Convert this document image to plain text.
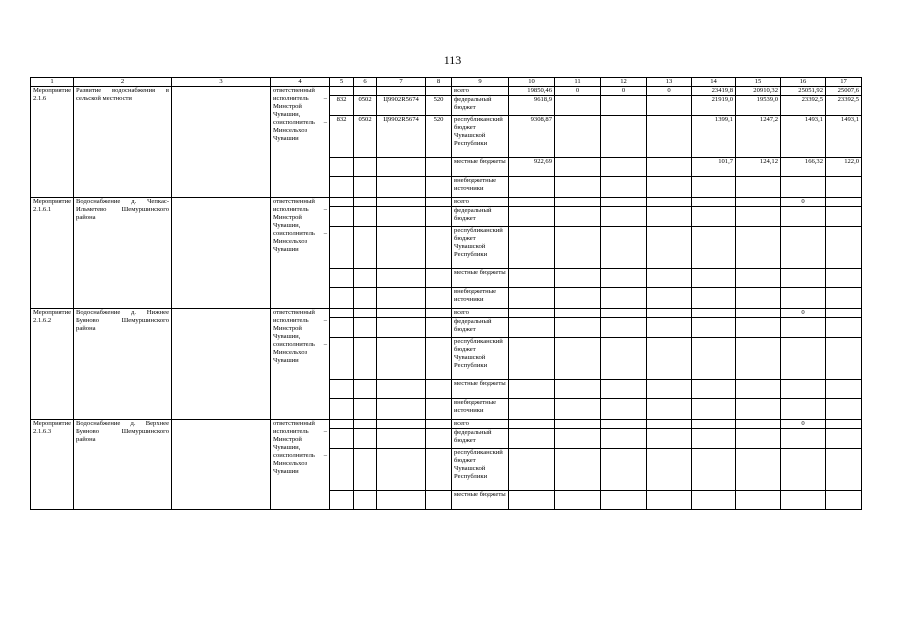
113
1	2	3	4	5	6	7	8	9	10	11	12	13	14	15	16	17
Мероприятие 2.1.6	Развитие водоснабжения в сельской местности		ответственный исполнитель – Минстрой Чувашии, соисполнитель – Минсельхоз Чувашии					всего	19850,46	0	0	0	23419,8	20910,32	25051,92	25007,6
				832	0502	Ц9902R5674	520	федеральный бюджет	9618,9				21919,0	19539,0	23392,5	23392,5
				832	0502	Ц9902R5674	520	республиканский бюджет Чувашской Республики	9308,87				1399,1	1247,2	1493,1	1493,1
								местные бюджеты	922,69				101,7	124,12	166,32	122,0
								внебюджетные источники								
Мероприятие 2.1.6.1	Водоснабжение д. Чепкас-Ильметево Шемуршинского района		ответственный исполнитель – Минстрой Чувашии, соисполнитель – Минсельхоз Чувашии					всего							0	
								федеральный бюджет								
								республиканский бюджет Чувашской Республики								
								местные бюджеты								
								внебюджетные источники								
Мероприятие 2.1.6.2	Водоснабжение д. Нижнее Буяново Шемуршинского района		ответственный исполнитель – Минстрой Чувашии, соисполнитель – Минсельхоз Чувашии					всего							0	
								федеральный бюджет								
								республиканский бюджет Чувашской Республики								
								местные бюджеты								
								внебюджетные источники								
Мероприятие 2.1.6.3	Водоснабжение д. Верхнее Буяново Шемуршинского района		ответственный исполнитель – Минстрой Чувашии, соисполнитель – Минсельхоз Чувашии					всего							0	
								федеральный бюджет								
								республиканский бюджет Чувашской Республики								
								местные бюджеты								
